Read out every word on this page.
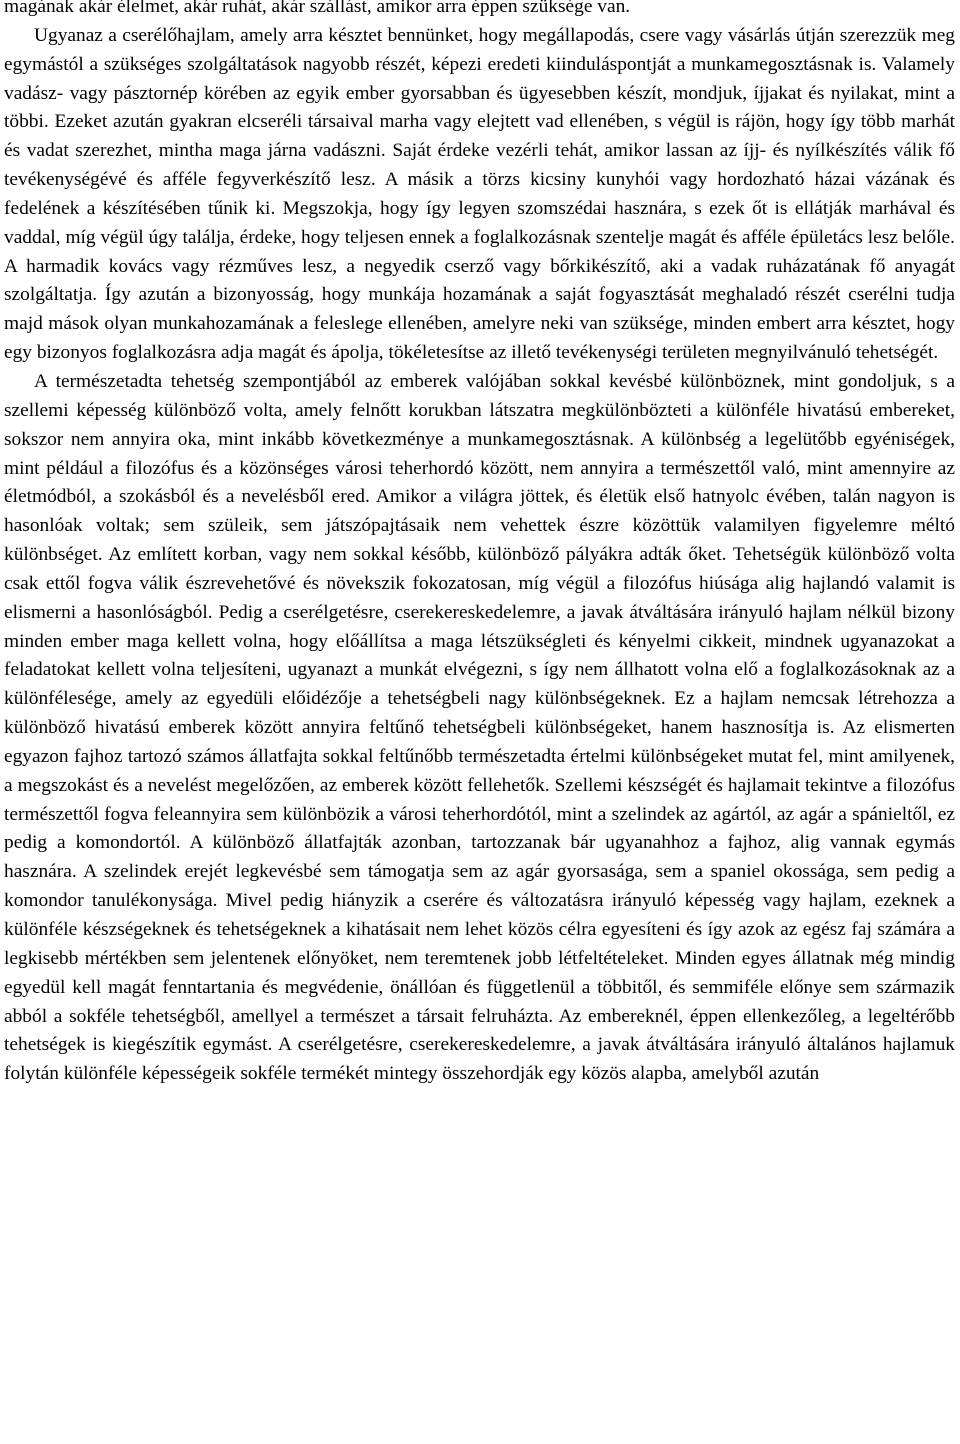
magának akár élelmet, akár ruhát, akár szállást, amikor arra éppen szüksége van.

Ugyanaz a cserélőhajlam, amely arra késztet bennünket, hogy megállapodás, csere vagy vásárlás útján szerezzük meg egymástól a szükséges szolgáltatások nagyobb részét, képezi eredeti kiinduláspontját a munkamegosztásnak is. Valamely vadász- vagy pásztornép körében az egyik ember gyorsabban és ügyesebben készít, mondjuk, íjjakat és nyilakat, mint a többi. Ezeket azután gyakran elcseréli társaival marha vagy elejtett vad ellenében, s végül is rájön, hogy így több marhát és vadat szerezhet, mintha maga járna vadászni. Saját érdeke vezérli tehát, amikor lassan az íjj- és nyílkészítés válik fő tevékenységévé és afféle fegyverkészítő lesz. A másik a törzs kicsiny kunyhói vagy hordozható házai vázának és fedelének a készítésében tűnik ki. Megszokja, hogy így legyen szomszédai hasznára, s ezek őt is ellátják marhával és vaddal, míg végül úgy találja, érdeke, hogy teljesen ennek a foglalkozásnak szentelje magát és afféle épületács lesz belőle. A harmadik kovács vagy rézműves lesz, a negyedik cserző vagy bőrkikészítő, aki a vadak ruházatának fő anyagát szolgáltatja. Így azután a bizonyosság, hogy munkája hozamának a saját fogyasztását meghaladó részét cserélni tudja majd mások olyan munkahozamának a feleslege ellenében, amelyre neki van szüksége, minden embert arra késztet, hogy egy bizonyos foglalkozásra adja magát és ápolja, tökéletesítse az illető tevékenységi területen megnyilvánuló tehetségét.

A természetadta tehetség szempontjából az emberek valójában sokkal kevésbé különböznek, mint gondoljuk, s a szellemi képesség különböző volta, amely felnőtt korukban látszatra megkülönbözteti a különféle hivatású embereket, sokszor nem annyira oka, mint inkább következménye a munkamegosztásnak. A különbség a legelütőbb egyéniségek, mint például a filozófus és a közönséges városi teherhordó között, nem annyira a természettől való, mint amennyire az életmódból, a szokásból és a nevelésből ered. Amikor a világra jöttek, és életük első hatnyolc évében, talán nagyon is hasonlóak voltak; sem szüleik, sem játszópajtásaik nem vehettek észre közöttük valamilyen figyelemre méltó különbséget. Az említett korban, vagy nem sokkal később, különböző pályákra adták őket. Tehetségük különböző volta csak ettől fogva válik észrevehetővé és növekszik fokozatosan, míg végül a filozófus hiúsága alig hajlandó valamit is elismerni a hasonlóságból. Pedig a cserélgetésre, cserekereskedelemre, a javak átváltására irányuló hajlam nélkül bizony minden ember maga kellett volna, hogy előállítsa a maga létszükségleti és kényelmi cikkeit, mindnek ugyanazokat a feladatokat kellett volna teljesíteni, ugyanazt a munkát elvégezni, s így nem állhatott volna elő a foglalkozásoknak az a különfélesége, amely az egyedüli előidézője a tehetségbeli nagy különbségeknek. Ez a hajlam nemcsak létrehozza a különböző hivatású emberek között annyira feltűnő tehetségbeli különbségeket, hanem hasznosítja is. Az elismerten egyazon fajhoz tartozó számos állatfajta sokkal feltűnőbb természetadta értelmi különbségeket mutat fel, mint amilyenek, a megszokást és a nevelést megelőzően, az emberek között fellehetők. Szellemi készségét és hajlamait tekintve a filozófus természettől fogva feleannyira sem különbözik a városi teherhordótól, mint a szelindek az agártól, az agár a spánieltől, ez pedig a komondortól. A különböző állatfajták azonban, tartozzanak bár ugyanahhoz a fajhoz, alig vannak egymás hasznára. A szelindek erejét legkevésbé sem támogatja sem az agár gyorsasága, sem a spaniel okossága, sem pedig a komondor tanulékonysága. Mivel pedig hiányzik a cserére és változatásra irányuló képesség vagy hajlam, ezeknek a különféle készségeknek és tehetségeknek a kihatásait nem lehet közös célra egyesíteni és így azok az egész faj számára a legkisebb mértékben sem jelentenek előnyöket, nem teremtenek jobb létfeltételeket. Minden egyes állatnak még mindig egyedül kell magát fenntartania és megvédenie, önállóan és függetlenül a többitől, és semmiféle előnye sem származik abból a sokféle tehetségből, amellyel a természet a társait felruházta. Az embereknél, éppen ellenkezőleg, a legeltérőbb tehetségek is kiegészítik egymást. A cserélgetésre, cserekereskedelemre, a javak átváltására irányuló általános hajlamuk folytán különféle képességeik sokféle termékét mintegy összehordják egy közös alapba, amelyből azután
